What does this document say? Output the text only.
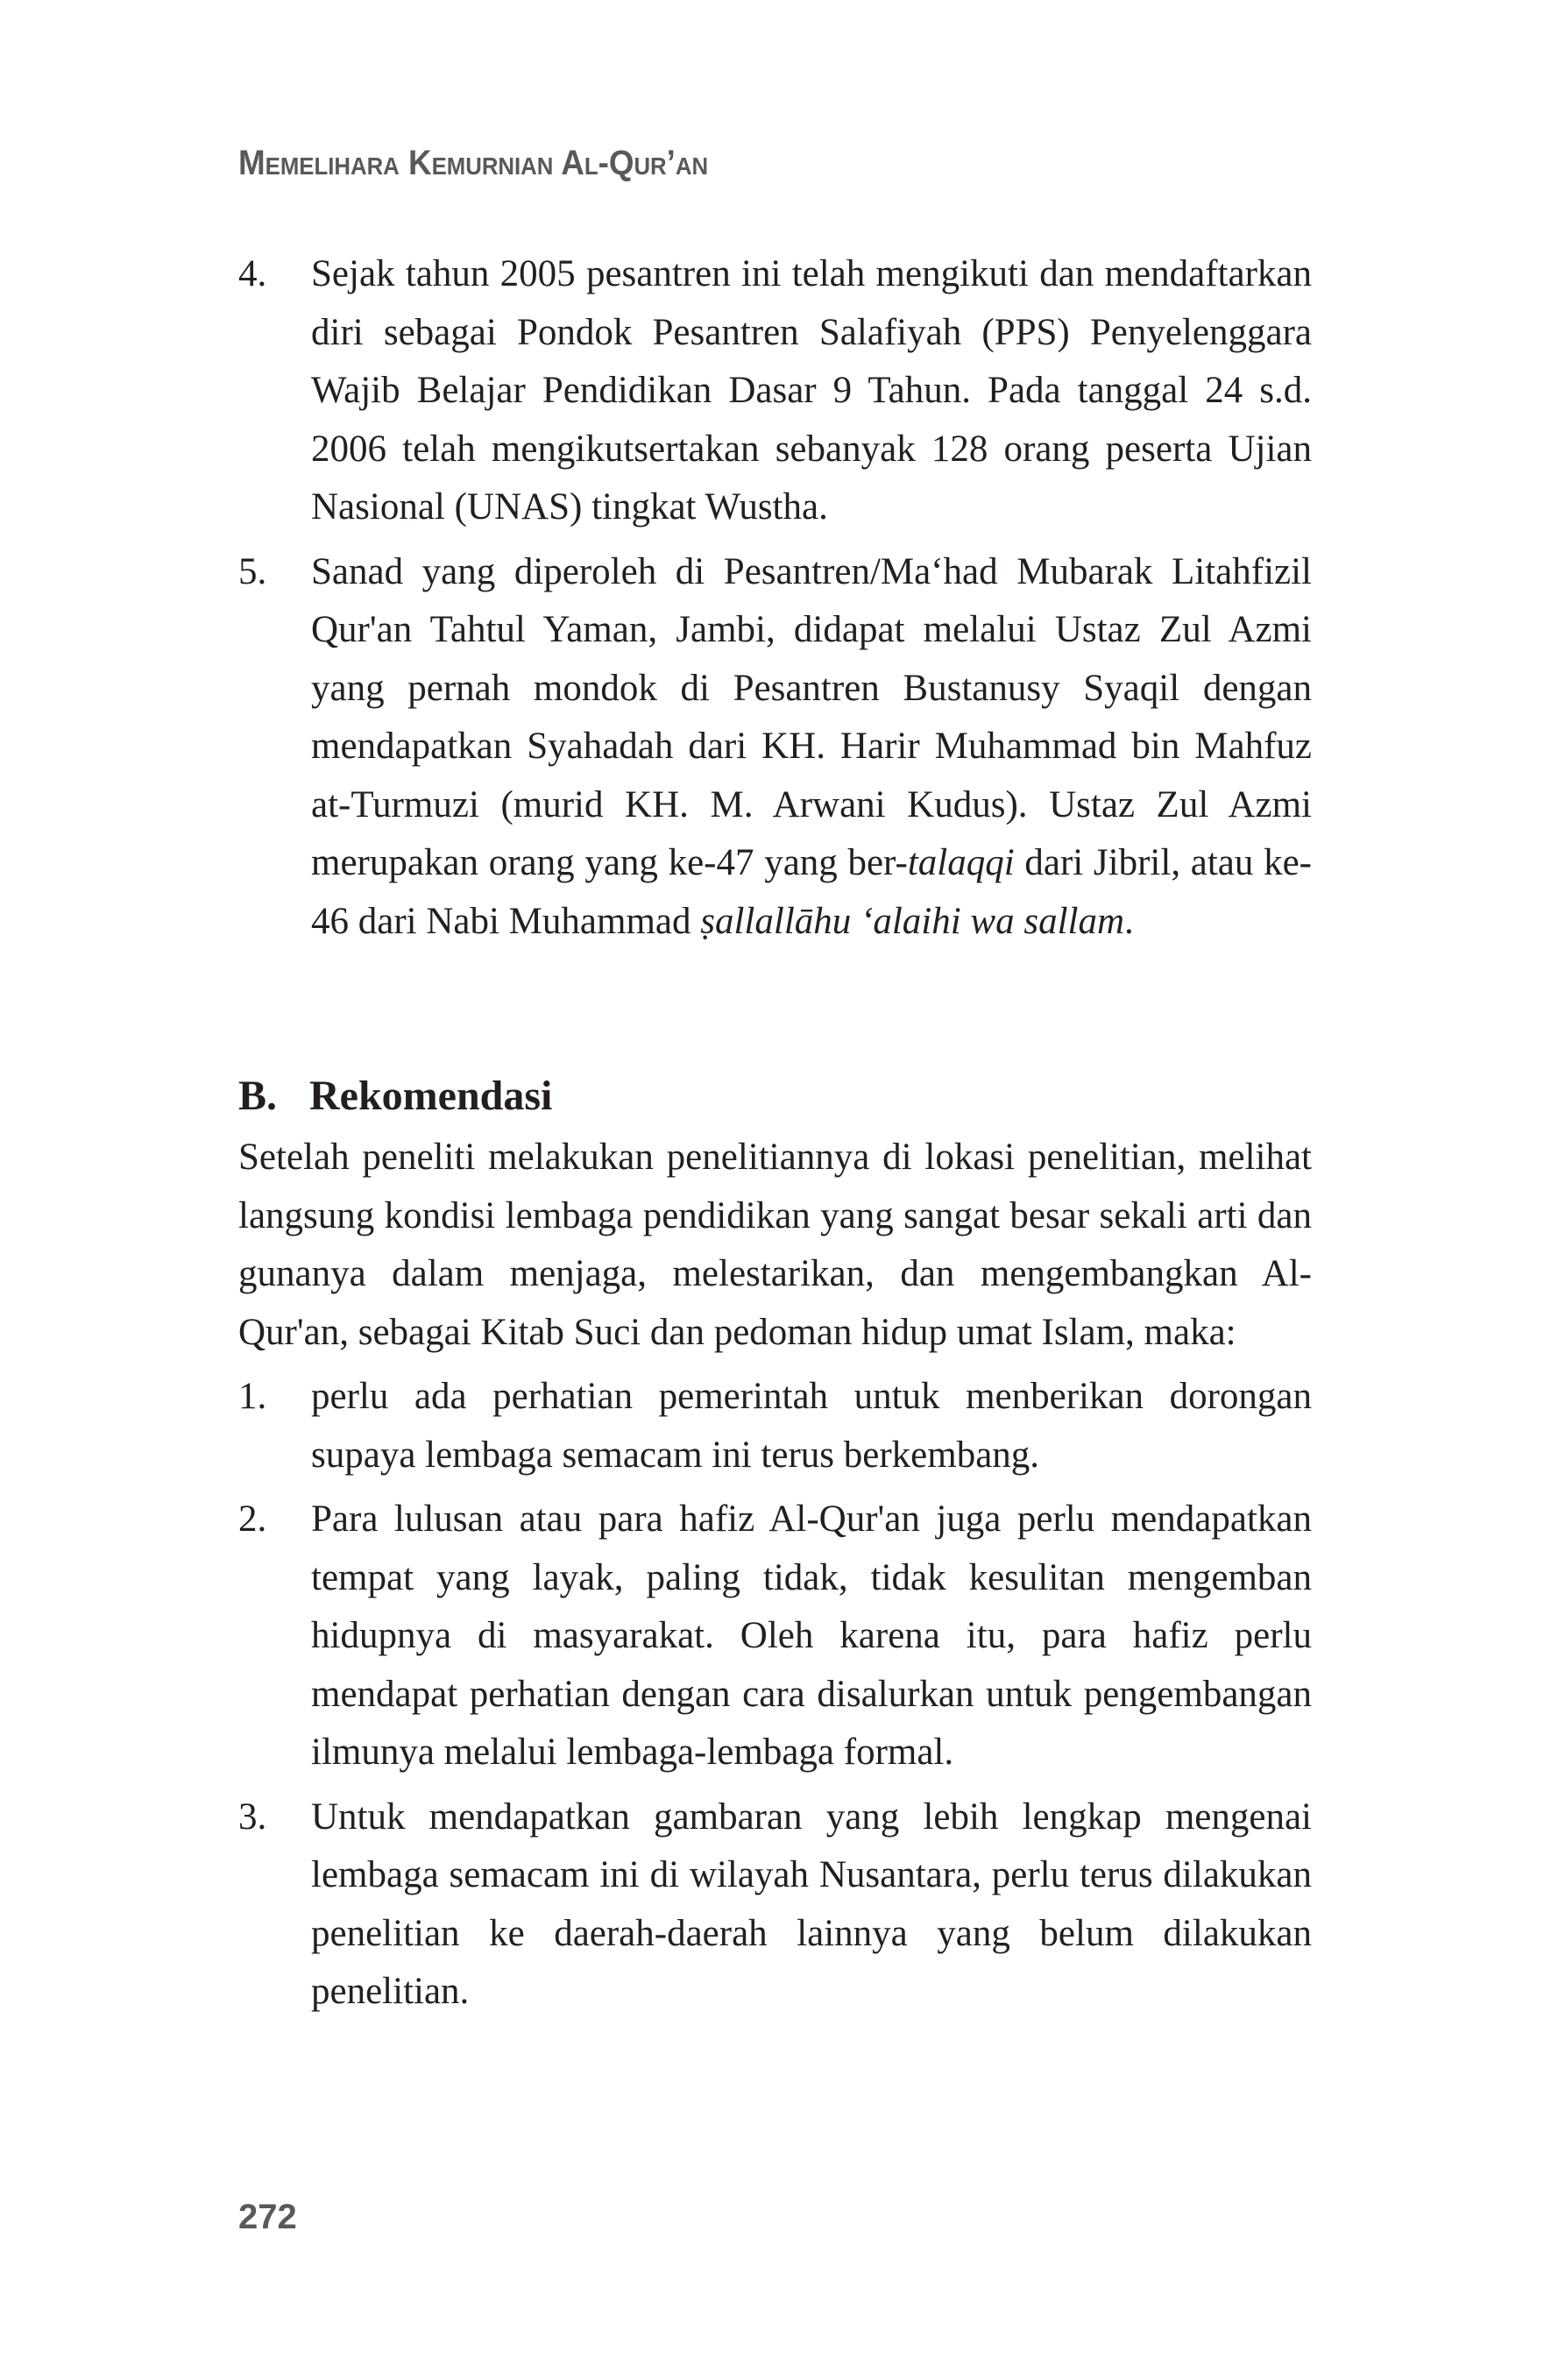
Memelihara Kemurnian Al-Qur’an
4. Sejak tahun 2005 pesantren ini telah mengikuti dan mendaftarkan diri sebagai Pondok Pesantren Salafiyah (PPS) Penyelenggara Wajib Belajar Pendidikan Dasar 9 Tahun. Pada tanggal 24 s.d. 2006 telah mengikutsertakan sebanyak 128 orang peserta Ujian Nasional (UNAS) tingkat Wustha.
5. Sanad yang diperoleh di Pesantren/Ma‘had Mubarak Litahfizil Qur'an Tahtul Yaman, Jambi, didapat melalui Ustaz Zul Azmi yang pernah mondok di Pesantren Bustanusy Syaqil dengan mendapatkan Syahadah dari KH. Harir Muhammad bin Mahfuz at-Turmuzi (murid KH. M. Arwani Kudus). Ustaz Zul Azmi merupakan orang yang ke-47 yang ber-talaqqi dari Jibril, atau ke-46 dari Nabi Muhammad ṣallallāhu ‘alaihi wa sallam.
B. Rekomendasi

Setelah peneliti melakukan penelitiannya di lokasi penelitian, melihat langsung kondisi lembaga pendidikan yang sangat besar sekali arti dan gunanya dalam menjaga, melestarikan, dan mengembangkan Al-Qur'an, sebagai Kitab Suci dan pedoman hidup umat Islam, maka:

1. perlu ada perhatian pemerintah untuk menberikan dorongan supaya lembaga semacam ini terus berkembang.
2. Para lulusan atau para hafiz Al-Qur'an juga perlu mendapatkan tempat yang layak, paling tidak, tidak kesulitan mengemban hidupnya di masyarakat. Oleh karena itu, para hafiz perlu mendapat perhatian dengan cara disalurkan untuk pengembangan ilmunya melalui lembaga-lembaga formal.
3. Untuk mendapatkan gambaran yang lebih lengkap mengenai lembaga semacam ini di wilayah Nusantara, perlu terus dilakukan penelitian ke daerah-daerah lainnya yang belum dilakukan penelitian.
272
